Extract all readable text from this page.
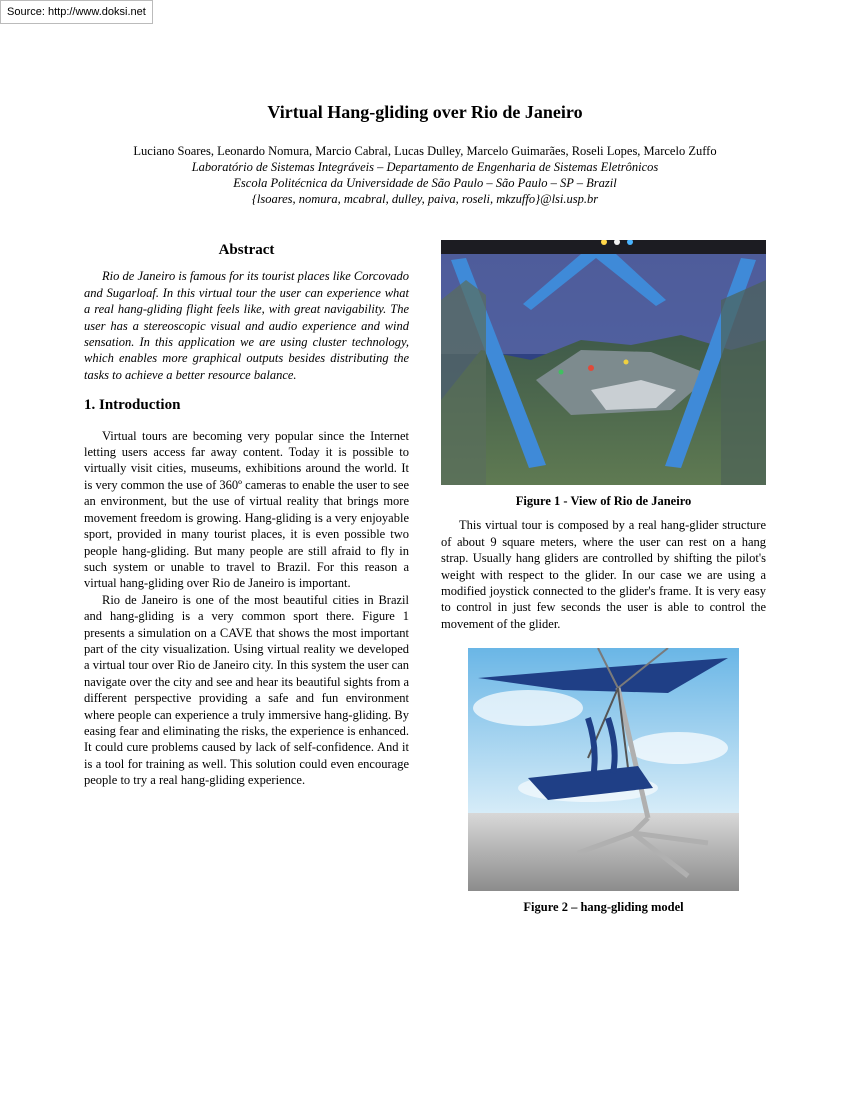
Source: http://www.doksi.net
Virtual Hang-gliding over Rio de Janeiro
Luciano Soares, Leonardo Nomura, Marcio Cabral, Lucas Dulley, Marcelo Guimarães, Roseli Lopes, Marcelo Zuffo
Laboratório de Sistemas Integráveis – Departamento de Engenharia de Sistemas Eletrônicos
Escola Politécnica da Universidade de São Paulo – São Paulo – SP – Brazil
{lsoares, nomura, mcabral, dulley, paiva, roseli, mkzuffo}@lsi.usp.br
Abstract

Rio de Janeiro is famous for its tourist places like Corcovado and Sugarloaf. In this virtual tour the user can experience what a real hang-gliding flight feels like, with great navigability. The user has a stereoscopic visual and audio experience and wind sensation. In this application we are using cluster technology, which enables more graphical outputs besides distributing the tasks to achieve a better resource balance.

1. Introduction

Virtual tours are becoming very popular since the Internet letting users access far away content. Today it is possible to virtually visit cities, museums, exhibitions around the world. It is very common the use of 360º cameras to enable the user to see an environment, but the use of virtual reality that brings more movement freedom is growing. Hang-gliding is a very enjoyable sport, provided in many tourist places, it is even possible two people hang-gliding. But many people are still afraid to fly in such system or unable to travel to Brazil. For this reason a virtual hang-gliding over Rio de Janeiro is important.

Rio de Janeiro is one of the most beautiful cities in Brazil and hang-gliding is a very common sport there. Figure 1 presents a simulation on a CAVE that shows the most important part of the city visualization. Using virtual reality we developed a virtual tour over Rio de Janeiro city. In this system the user can navigate over the city and see and hear its beautiful sights from a different perspective providing a safe and fun environment where people can experience a truly immersive hang-gliding. By easing fear and eliminating the risks, the experience is enhanced. It could cure problems caused by lack of self-confidence. And it is a tool for training as well. This solution could even encourage people to try a real hang-gliding experience.

Figure 1 - View of Rio de Janeiro

This virtual tour is composed by a real hang-glider structure of about 9 square meters, where the user can rest on a hang strap. Usually hang gliders are controlled by shifting the pilot's weight with respect to the glider. In our case we are using a modified joystick connected to the glider's frame. It is very easy to control in just few seconds the user is able to control the movement of the glider.

Figure 2 – hang-gliding model
